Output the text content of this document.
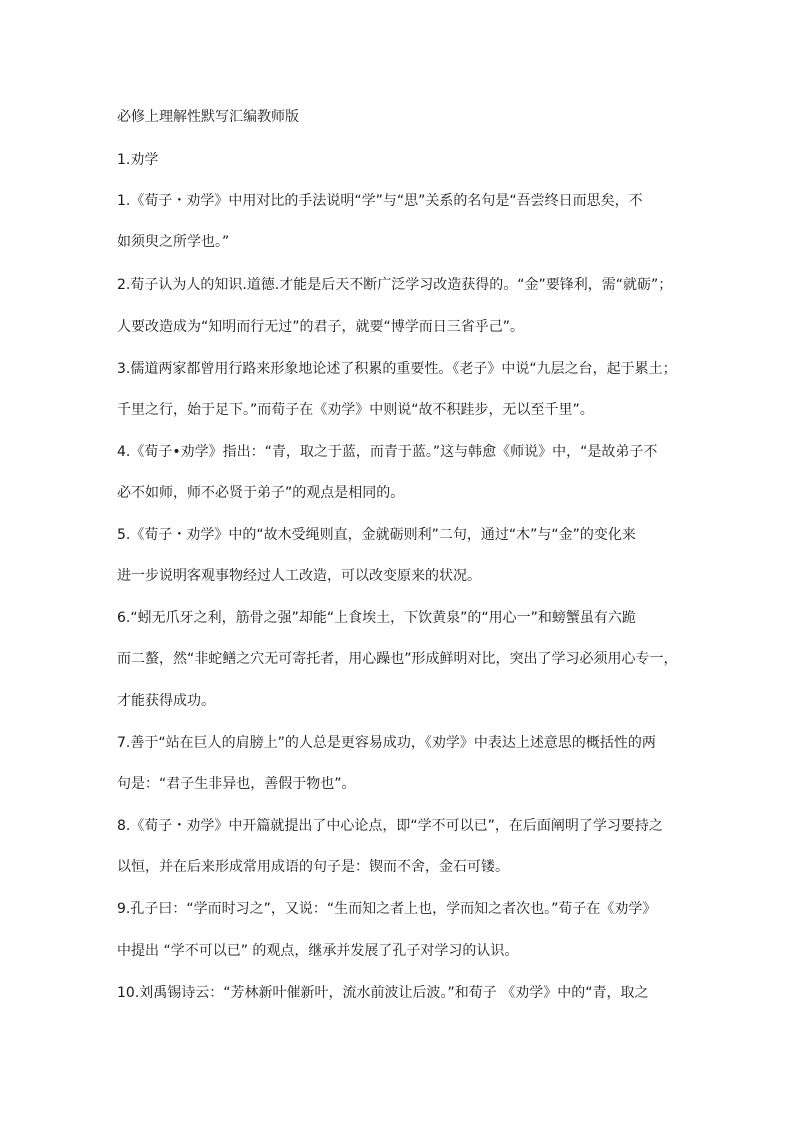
必修上理解性默写汇编教师版
1.劝学
1.《荀子・劝学》中用对比的手法说明“学”与“思”关系的名句是“吾尝终日而思矣，不
如须臾之所学也。”
2.荀子认为人的知识.道德.才能是后天不断广泛学习改造获得的。“金”要锋利，需“就砺”；
人要改造成为“知明而行无过”的君子，就要“博学而日三省乎己”。
3.儒道两家都曾用行路来形象地论述了积累的重要性。《老子》中说“九层之台，起于累土；
千里之行，始于足下。”而荀子在《劝学》中则说“故不积跬步，无以至千里”。
4.《荀子•劝学》指出：“青，取之于蓝，而青于蓝。”这与韩愈《师说》中，“是故弟子不
必不如师，师不必贤于弟子”的观点是相同的。
5.《荀子・劝学》中的“故木受绳则直，金就砺则利”二句，通过“木”与“金”的变化来
进一步说明客观事物经过人工改造，可以改变原来的状况。
6.“蚓无爪牙之利，筋骨之强”却能“上食埃土，下饮黄泉”的“用心一”和螃蟹虽有六跪
而二螯，然“非蛇鳝之穴无可寄托者，用心躁也”形成鲜明对比，突出了学习必须用心专一，
才能获得成功。
7.善于“站在巨人的肩膀上”的人总是更容易成功，《劝学》中表达上述意思的概括性的两
句是：“君子生非异也，善假于物也”。
8.《荀子・劝学》中开篇就提出了中心论点，即“学不可以已”，在后面阐明了学习要持之
以恒，并在后来形成常用成语的句子是：锲而不舍，金石可镂。
9.孔子曰：“学而时习之”，又说：“生而知之者上也，学而知之者次也。”荀子在《劝学》
中提出 “学不可以已” 的观点，继承并发展了孔子对学习的认识。
10.刘禹锡诗云：“芳林新叶催新叶，流水前波让后波。”和荀子 《劝学》中的“青，取之
